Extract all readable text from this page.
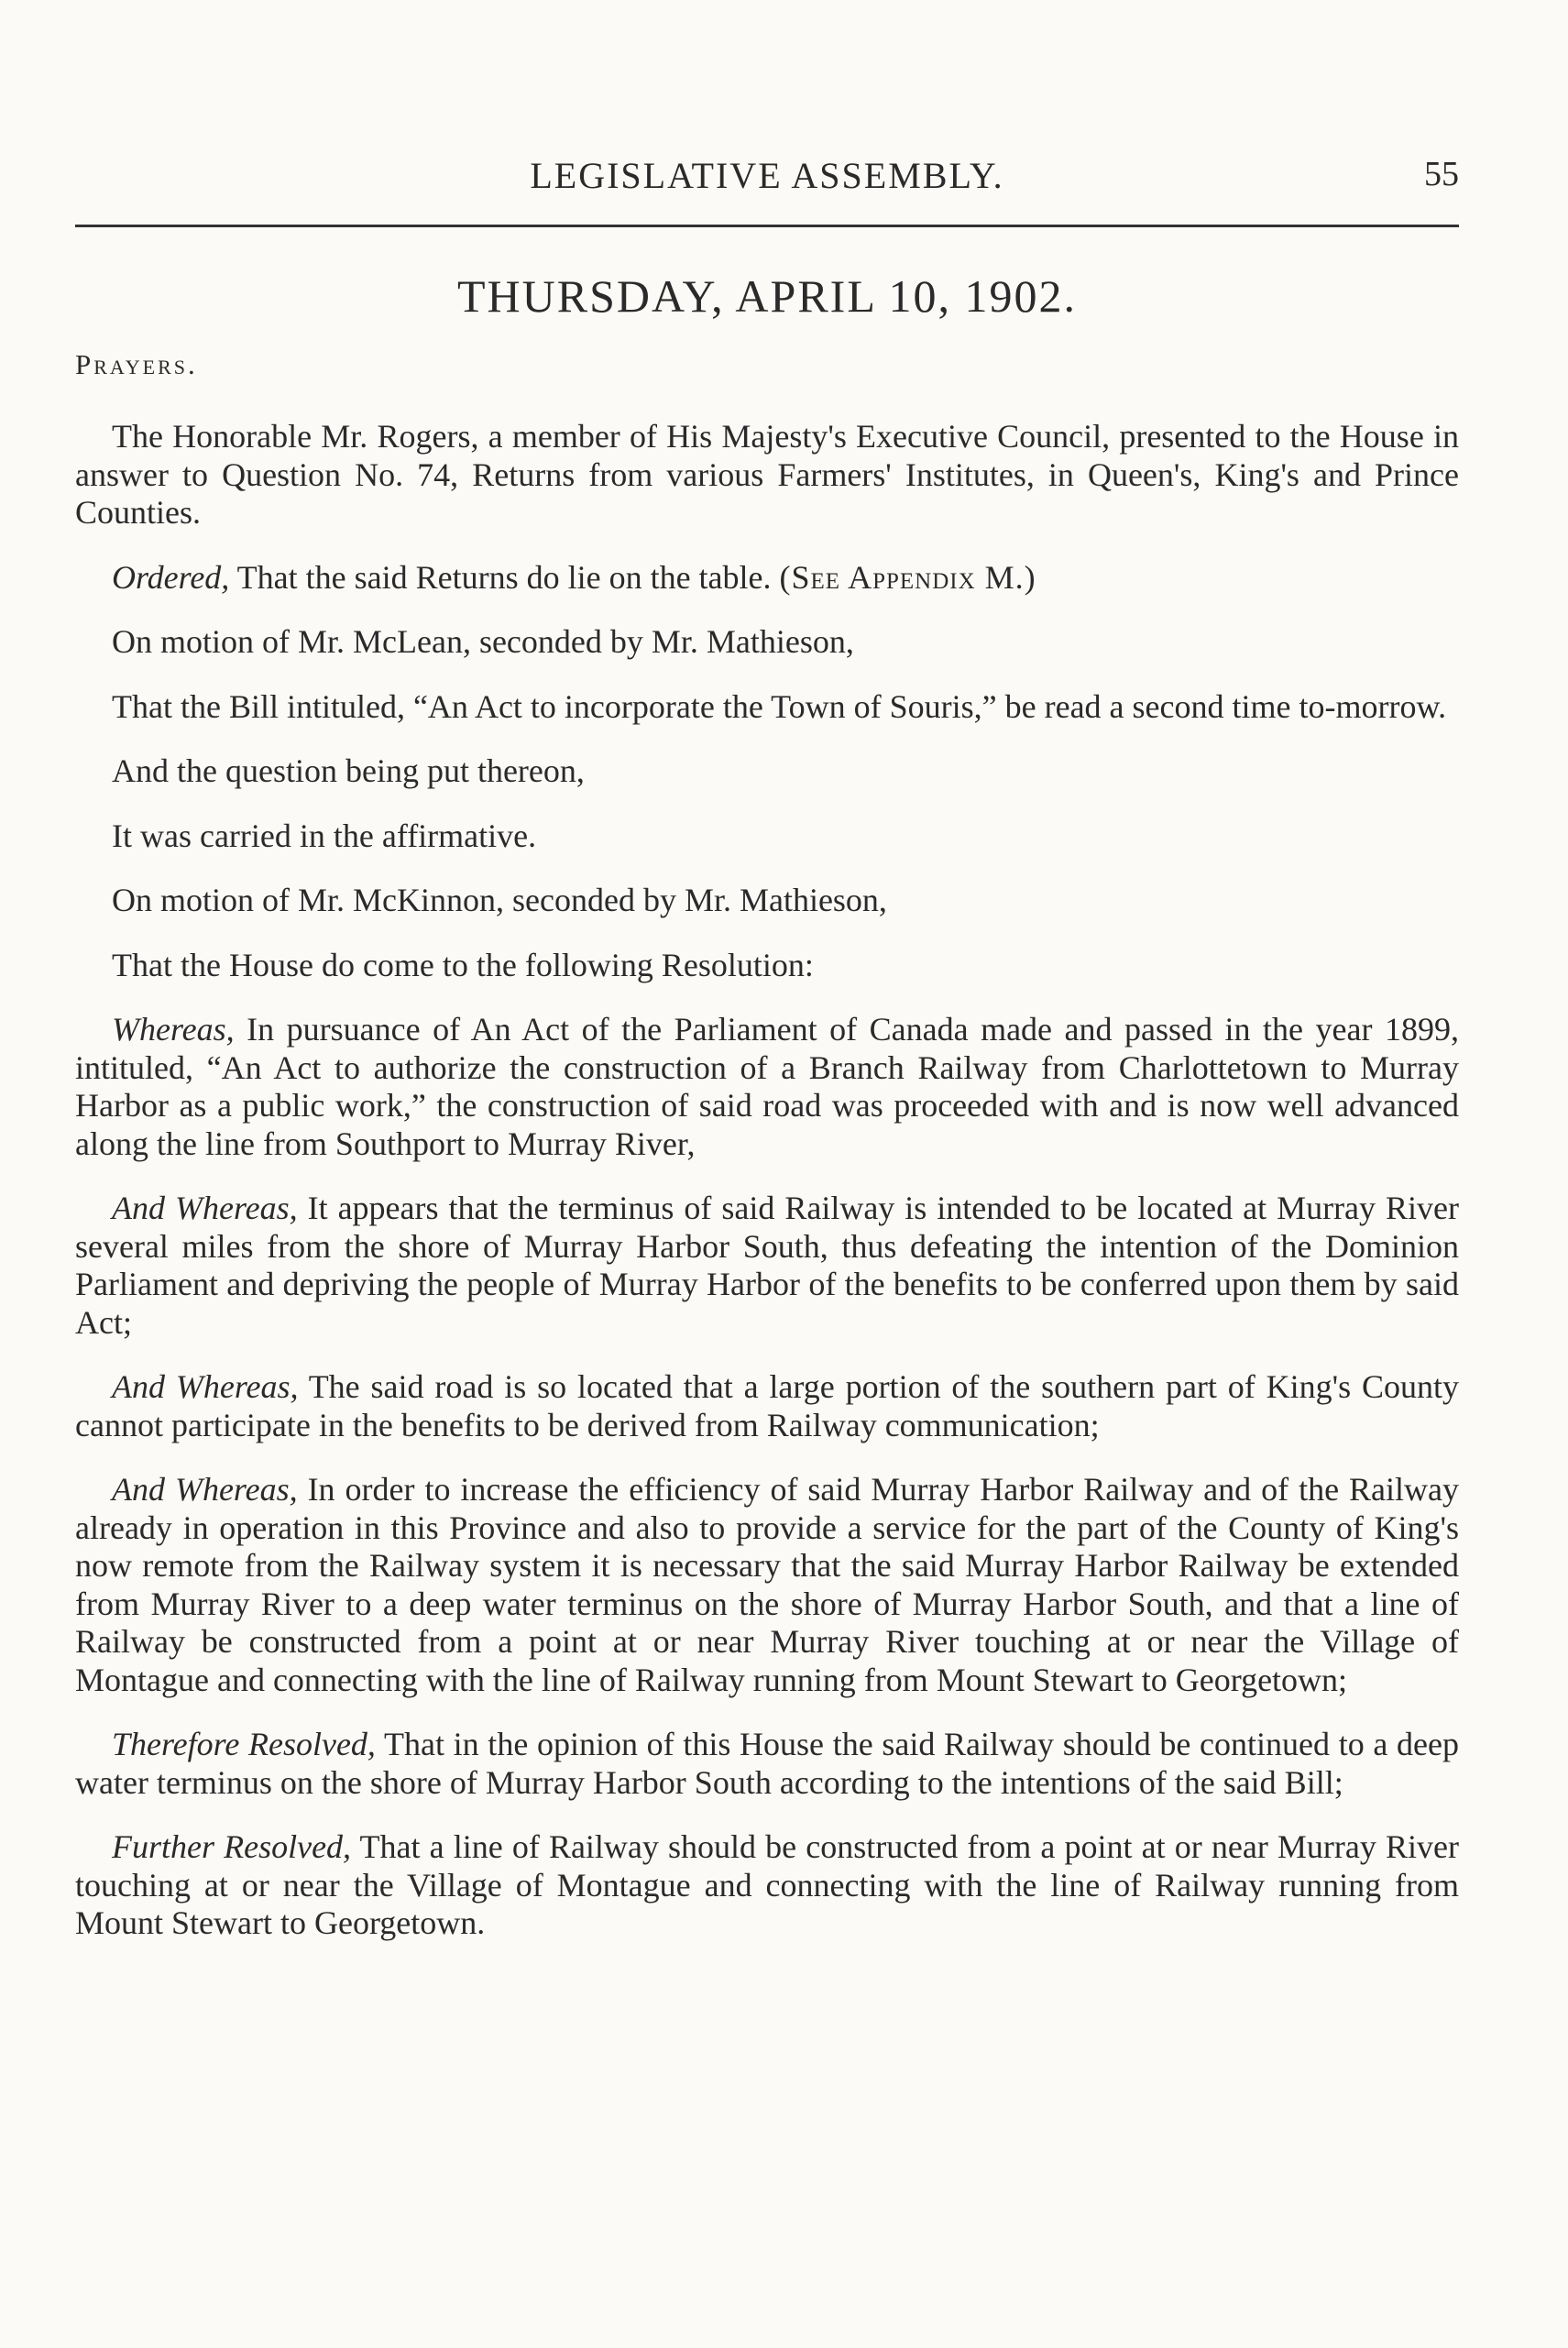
LEGISLATIVE ASSEMBLY.	55
THURSDAY, APRIL 10, 1902.
Prayers.

The Honorable Mr. Rogers, a member of His Majesty's Executive Council, presented to the House in answer to Question No. 74, Returns from various Farmers' Institutes, in Queen's, King's and Prince Counties.

Ordered, That the said Returns do lie on the table. (See Appendix M.)

On motion of Mr. McLean, seconded by Mr. Mathieson,

That the Bill intituled, “An Act to incorporate the Town of Souris,” be read a second time to-morrow.

And the question being put thereon,

It was carried in the affirmative.

On motion of Mr. McKinnon, seconded by Mr. Mathieson,

That the House do come to the following Resolution:

Whereas, In pursuance of An Act of the Parliament of Canada made and passed in the year 1899, intituled, “An Act to authorize the construction of a Branch Railway from Charlottetown to Murray Harbor as a public work,” the construction of said road was proceeded with and is now well advanced along the line from Southport to Murray River,

And Whereas, It appears that the terminus of said Railway is intended to be located at Murray River several miles from the shore of Murray Harbor South, thus defeating the intention of the Dominion Parliament and depriving the people of Murray Harbor of the benefits to be conferred upon them by said Act;

And Whereas, The said road is so located that a large portion of the southern part of King's County cannot participate in the benefits to be derived from Railway communication;

And Whereas, In order to increase the efficiency of said Murray Harbor Railway and of the Railway already in operation in this Province and also to provide a service for the part of the County of King's now remote from the Railway system it is necessary that the said Murray Harbor Railway be extended from Murray River to a deep water terminus on the shore of Murray Harbor South, and that a line of Railway be constructed from a point at or near Murray River touching at or near the Village of Montague and connecting with the line of Railway running from Mount Stewart to Georgetown;

Therefore Resolved, That in the opinion of this House the said Railway should be continued to a deep water terminus on the shore of Murray Harbor South according to the intentions of the said Bill;

Further Resolved, That a line of Railway should be constructed from a point at or near Murray River touching at or near the Village of Montague and connecting with the line of Railway running from Mount Stewart to Georgetown.
